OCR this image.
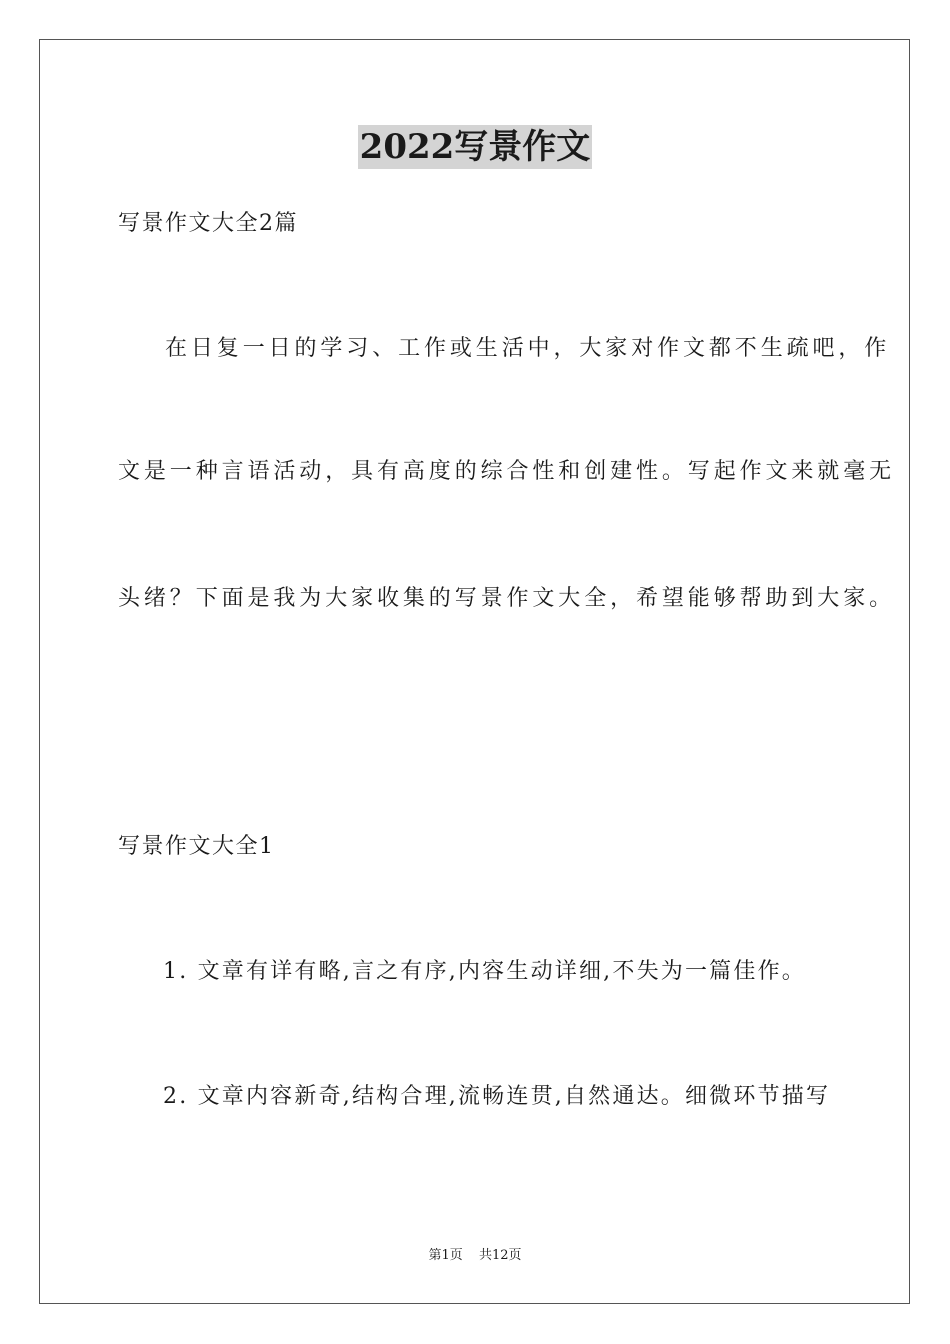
2022写景作文
写景作文大全2篇
在日复一日的学习、工作或生活中，大家对作文都不生疏吧，作
文是一种言语活动，具有高度的综合性和创建性。写起作文来就毫无
头绪？下面是我为大家收集的写景作文大全，希望能够帮助到大家。
写景作文大全1
1. 文章有详有略,言之有序,内容生动详细,不失为一篇佳作。
2. 文章内容新奇,结构合理,流畅连贯,自然通达。细微环节描写
第1页 共12页
